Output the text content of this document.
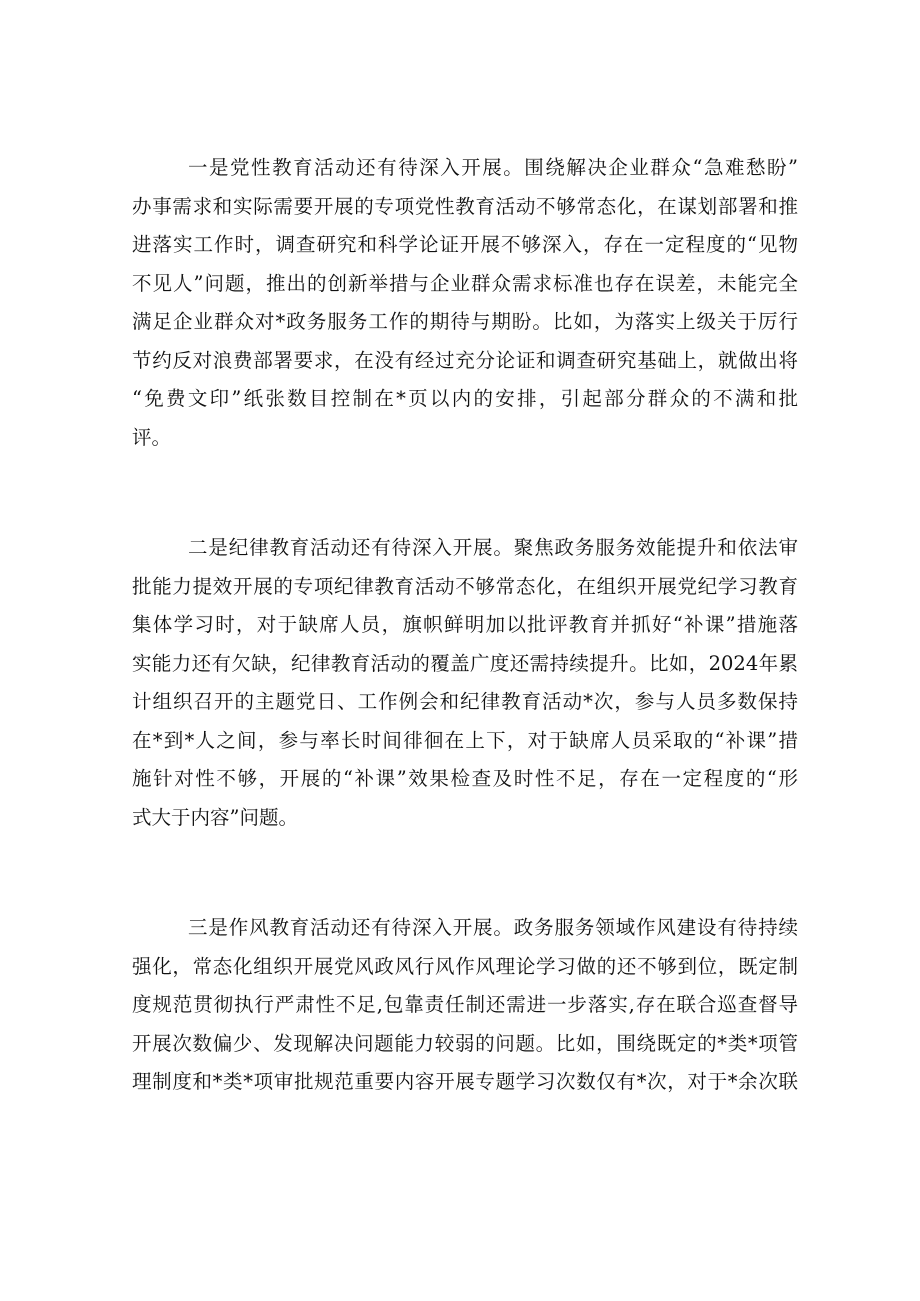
一是党性教育活动还有待深入开展。围绕解决企业群众“急难愁盼”
办事需求和实际需要开展的专项党性教育活动不够常态化，在谋划部署和推
进落实工作时，调查研究和科学论证开展不够深入，存在一定程度的“见物
不见人”问题，推出的创新举措与企业群众需求标准也存在误差，未能完全
满足企业群众对*政务服务工作的期待与期盼。比如，为落实上级关于厉行
节约反对浪费部署要求，在没有经过充分论证和调查研究基础上，就做出将
“免费文印”纸张数目控制在*页以内的安排，引起部分群众的不满和批
评。
二是纪律教育活动还有待深入开展。聚焦政务服务效能提升和依法审
批能力提效开展的专项纪律教育活动不够常态化，在组织开展党纪学习教育
集体学习时，对于缺席人员，旗帜鲜明加以批评教育并抓好“补课”措施落
实能力还有欠缺，纪律教育活动的覆盖广度还需持续提升。比如，2024年累
计组织召开的主题党日、工作例会和纪律教育活动*次，参与人员多数保持
在*到*人之间，参与率长时间徘徊在上下，对于缺席人员采取的“补课”措
施针对性不够，开展的“补课”效果检查及时性不足，存在一定程度的“形
式大于内容”问题。
三是作风教育活动还有待深入开展。政务服务领域作风建设有待持续
强化，常态化组织开展党风政风行风作风理论学习做的还不够到位，既定制
度规范贯彻执行严肃性不足,包靠责任制还需进一步落实,存在联合巡查督导
开展次数偏少、发现解决问题能力较弱的问题。比如，围绕既定的*类*项管
理制度和*类*项审批规范重要内容开展专题学习次数仅有*次，对于*余次联
